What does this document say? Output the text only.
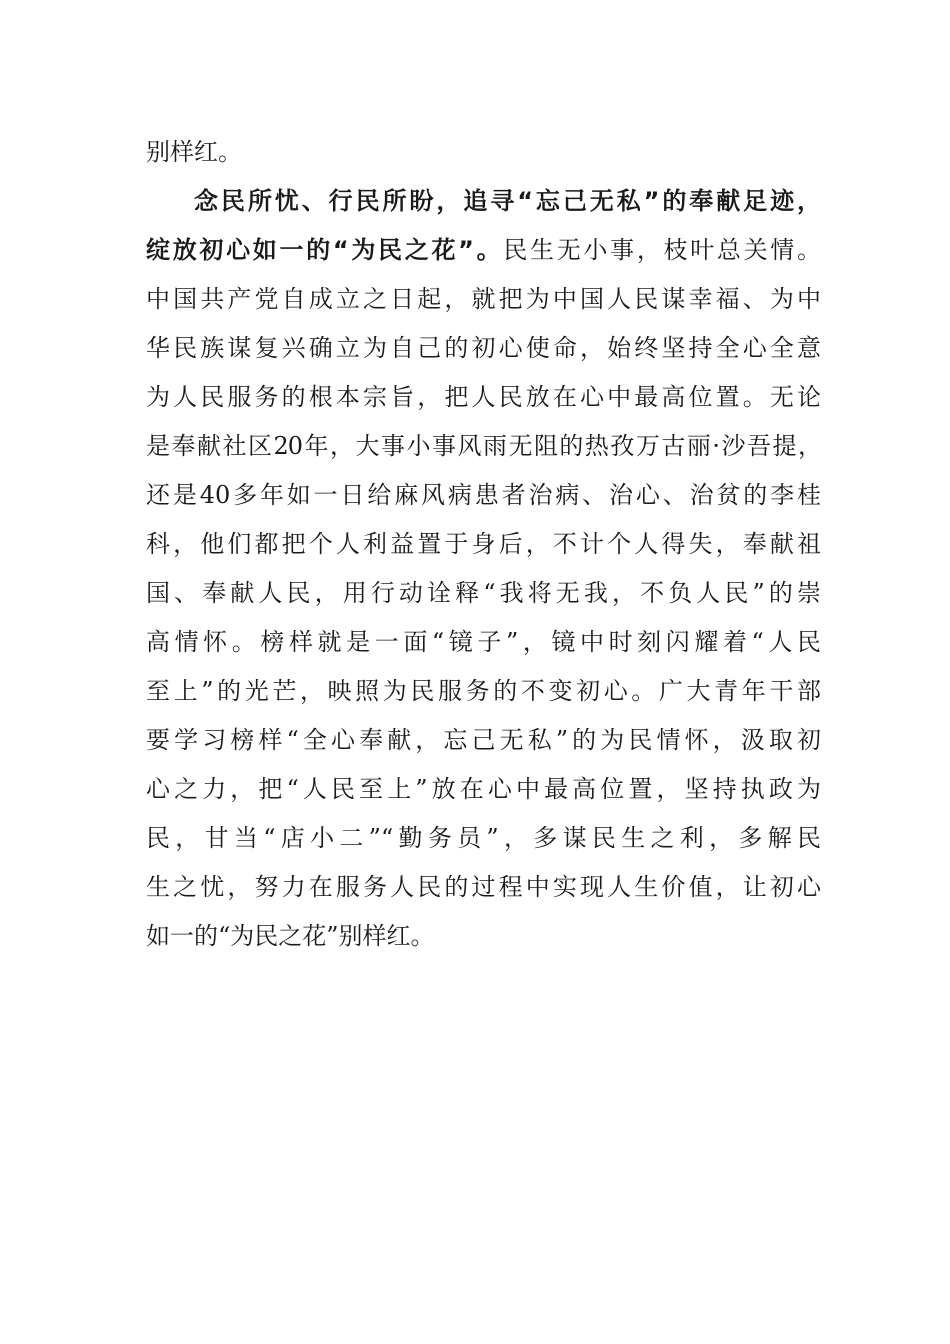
别样红。
念民所忧、行民所盼，追寻“忘己无私”的奉献足迹，
绽放初心如一的“为民之花”。民生无小事，枝叶总关情。
中国共产党自成立之日起，就把为中国人民谋幸福、为中
华民族谋复兴确立为自己的初心使命，始终坚持全心全意
为人民服务的根本宗旨，把人民放在心中最高位置。无论
是奉献社区20年，大事小事风雨无阻的热孜万古丽·沙吾提，
还是40多年如一日给麻风病患者治病、治心、治贫的李桂
科，他们都把个人利益置于身后，不计个人得失，奉献祖
国、奉献人民，用行动诠释“我将无我，不负人民”的崇
高情怀。榜样就是一面“镜子”，镜中时刻闪耀着“人民
至上”的光芒，映照为民服务的不变初心。广大青年干部
要学习榜样“全心奉献，忘己无私”的为民情怀，汲取初
心之力，把“人民至上”放在心中最高位置，坚持执政为
民，甘当“店小二”“勤务员”，多谋民生之利，多解民
生之忧，努力在服务人民的过程中实现人生价值，让初心
如一的“为民之花”别样红。
